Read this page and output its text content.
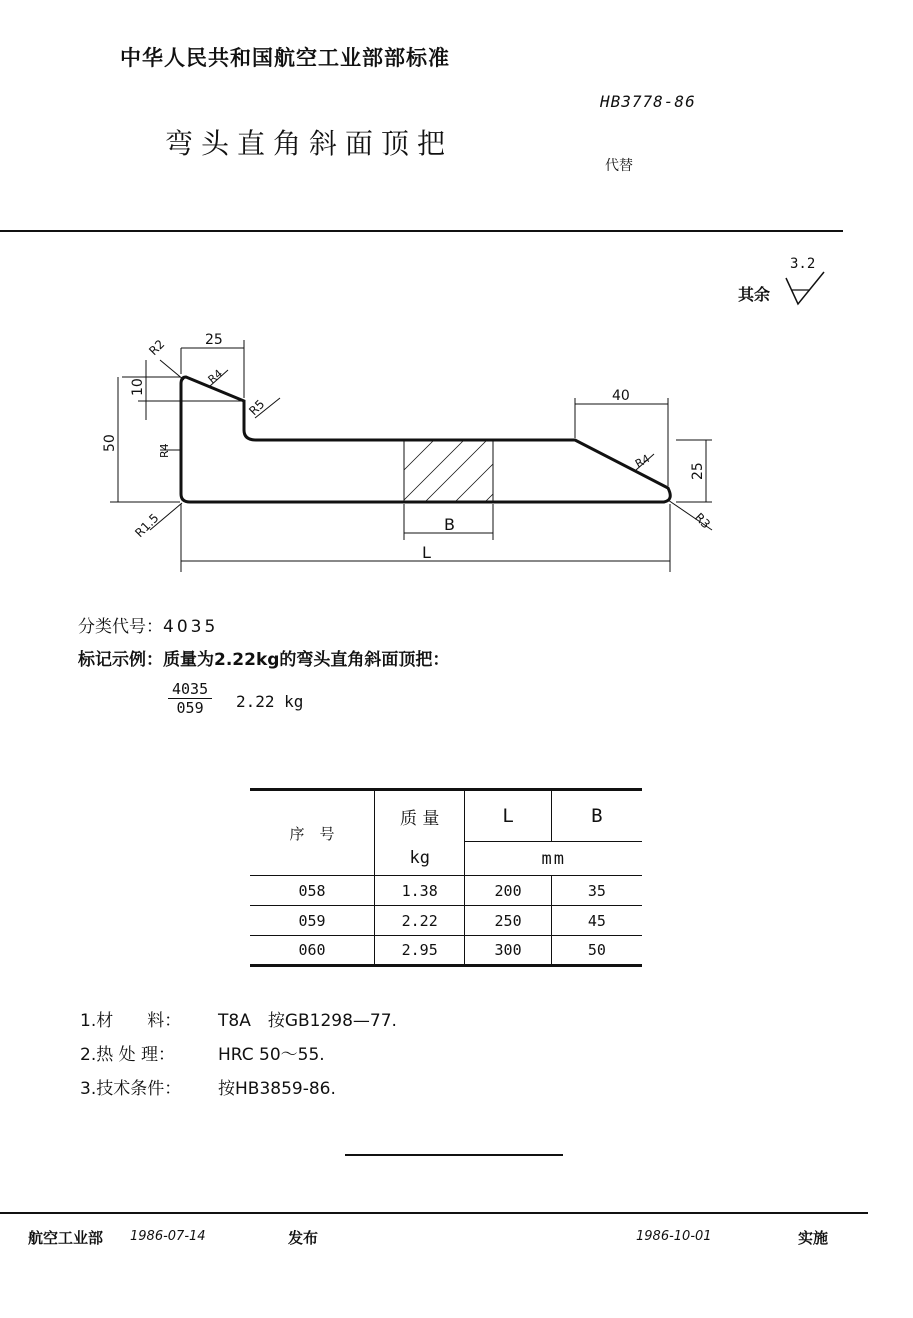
中华人民共和国航空工业部部标准
HB3778-86
弯头直角斜面顶把
代替
其余
3.2
25
40
10
50
25
B
L
R2
R4
R5
R4
R4
R1.5	R3
分类代号：4035
标记示例：质量为2.22kg的弯头直角斜面顶把：
$\frac{4035}{059} 2.22$ kg
序　号	质 量	L	B
	kg	mm	
058	1.38	200	35
059	2.22	250	45
060	2.95	300	50
1.材　　料： T8A　按GB1298—77.
2.热 处 理：	HRC 50～55.
3.技术条件： 按HB3859-86.
航空工业部 1986-07-14	发布	1986-10-01	实施
